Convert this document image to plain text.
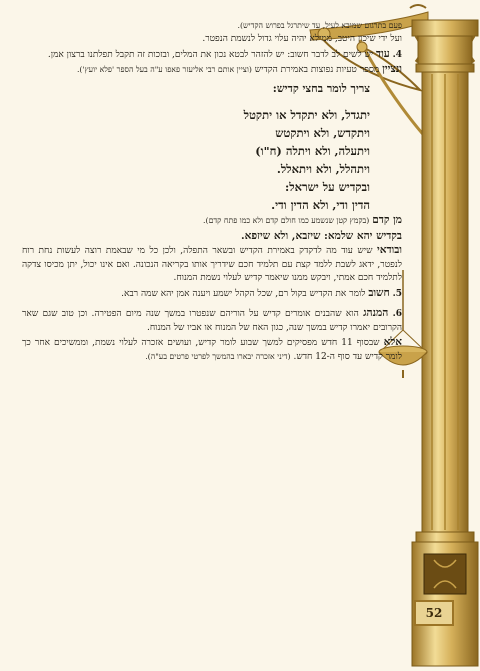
52

פעם בתרגום שמובא לעיל, עד שיתרגל בפרוש הקדיש).

ועל ידי שיכון היטב, ממילא יהיה עלוי גדול לנשמת הנפטר.

4. עוד יש לשים לב לדבר חשוב: יש להזהר לבטא נכון את המלים, ובזכות זה תקבל תפלתנו ברצון אמן.

ונציין מספר טעיות נפוצות באמירת הקדיש (וציין אותם רבי אליעזר פאפו ע"ה בעל הספר 'פלא יועץ').

צריך לומר בחצי קדיש:

יתגדל, ולא יתקדל או יתקטל

ויתקדש, ולא ויתקטש

ויתעלה, ולא ויתלה (ח"ו)

ויתהלל, ולא ויתאלל.

ובקדיש על ישראל:

הדין ודי, ולא הדין ודי.

מן קדם (בקמץ קטן שנשמע כמו חולם קדם ולא כמו פתח קדם).

בקדיש יהא שלמא: שיזבא, ולא שיזפא.

ובודאי שיש עוד מה לדקדק באמירת הקדיש ובשאר התפלה, ולכן כל מי שבאמת רוצה לעשות נחת רוח לנפטר, ידאג לשבת ללמד קצת עם תלמיד חכם שידריך אותו בקריאה הנכונה. ואם אינו יכול, יתן מכיסו צדקה לתלמיד חכם אמתי, ויבקש ממנו שיאמר קדיש לעלוי נשמת המנוח.

5. חשוב לומר את הקדיש בקול רם, שכל הקהל ישמע ויענה אמן יהא שמה רבא.

6. המנהג הוא שהבנים אומרים קדיש על הוריהם שנפטרו במשך שנה מיום הפטירה. וכן טוב שגם שאר הקרובים יאמרו קדיש במשך שנה, כגון האח של המנוח או אביו של המנוח.

אלא שבסוף 11 חדש מפסיקים למשך שבוע לומר קדיש, ועושים אזכרה לעלוי נשמת, וממשיכים אחר כך לומר קדיש עד סוף ה-12 חדש. (דיני אזכרה יבארו בהמשך לפרטי פרטים בע"ה).
